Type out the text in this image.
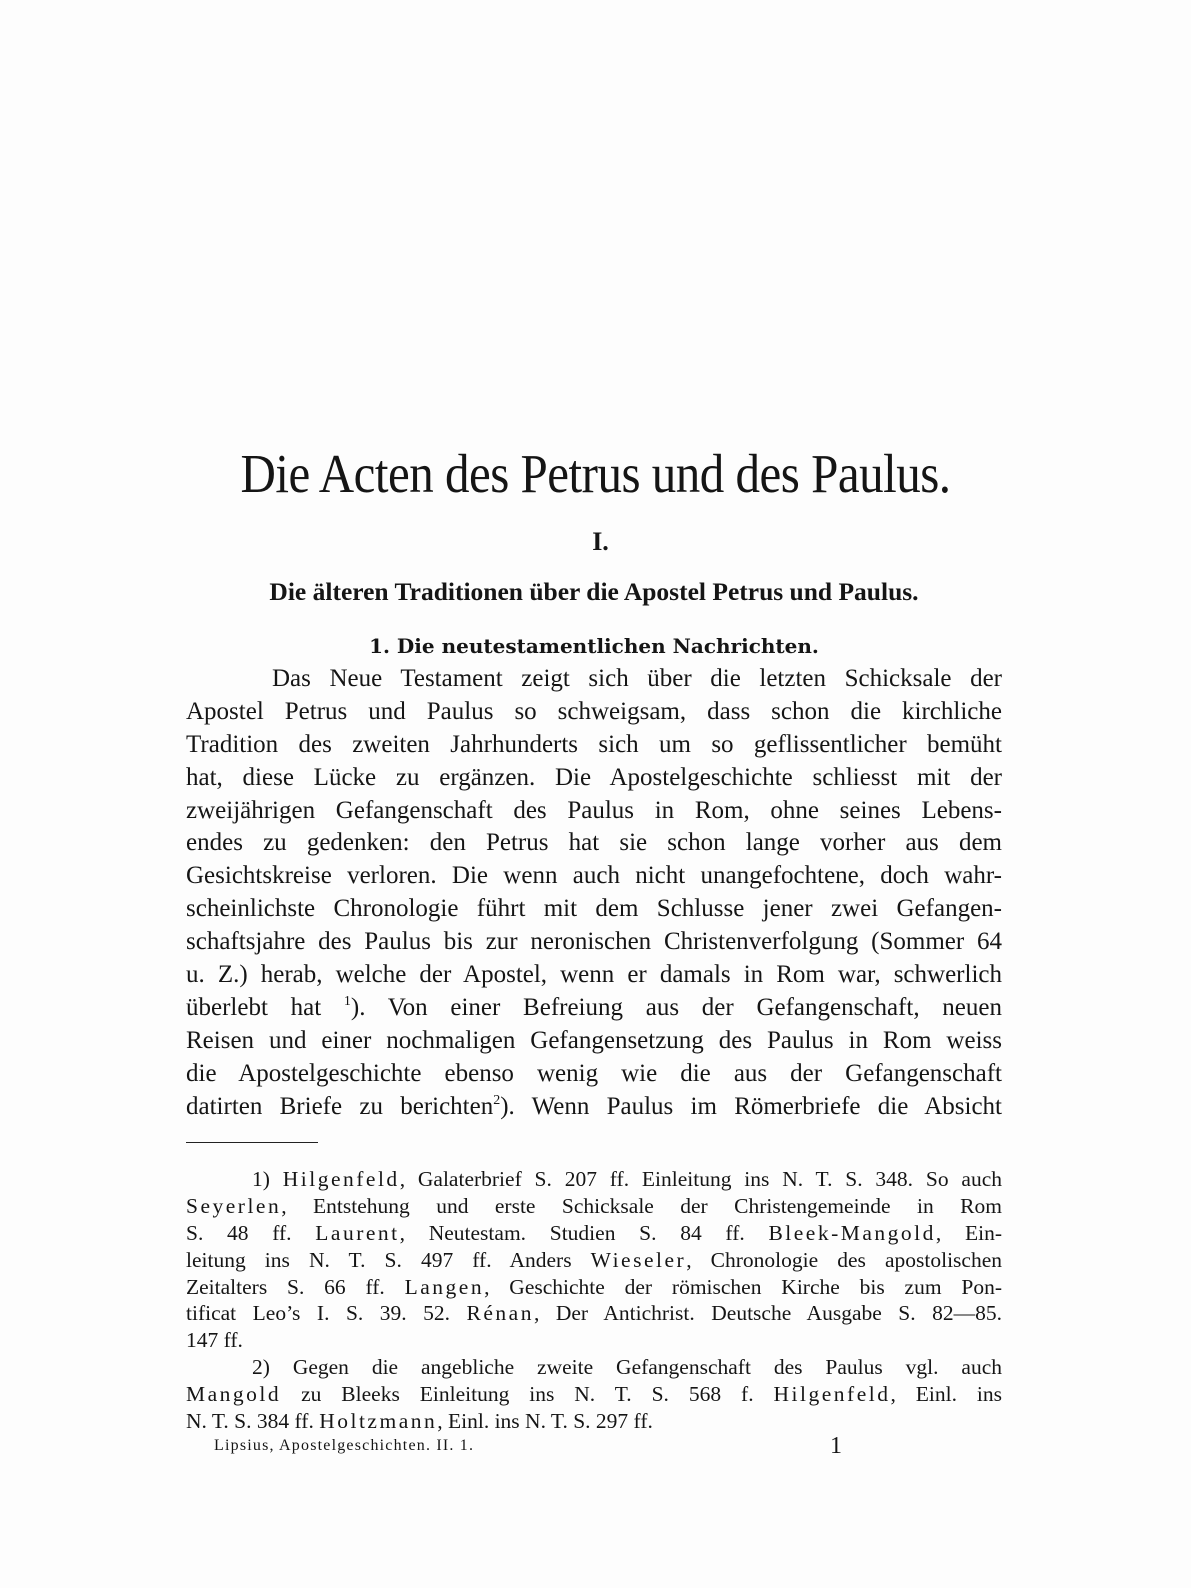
Die Acten des Petrus und des Paulus.
I.
Die älteren Traditionen über die Apostel Petrus und Paulus.
1. Die neutestamentlichen Nachrichten.
Das Neue Testament zeigt sich über die letzten Schicksale der
Apostel Petrus und Paulus so schweigsam, dass schon die kirchliche
Tradition des zweiten Jahrhunderts sich um so geflissentlicher bemüht
hat, diese Lücke zu ergänzen. Die Apostelgeschichte schliesst mit der
zweijährigen Gefangenschaft des Paulus in Rom, ohne seines Lebens-
endes zu gedenken: den Petrus hat sie schon lange vorher aus dem
Gesichtskreise verloren. Die wenn auch nicht unangefochtene, doch wahr-
scheinlichste Chronologie führt mit dem Schlusse jener zwei Gefangen-
schaftsjahre des Paulus bis zur neronischen Christenverfolgung (Sommer 64
u. Z.) herab, welche der Apostel, wenn er damals in Rom war, schwerlich
überlebt hat $^1$). Von einer Befreiung aus der Gefangenschaft, neuen
Reisen und einer nochmaligen Gefangensetzung des Paulus in Rom weiss
die Apostelgeschichte ebenso wenig wie die aus der Gefangenschaft
datirten Briefe zu berichten$^2$). Wenn Paulus im Römerbriefe die Absicht
1) Hilgenfeld, Galaterbrief S. 207 ff. Einleitung ins N. T. S. 348. So auch
Seyerlen, Entstehung und erste Schicksale der Christengemeinde in Rom
S. 48 ff. Laurent, Neutestam. Studien S. 84 ff. Bleek-Mangold, Ein-
leitung ins N. T. S. 497 ff. Anders Wieseler, Chronologie des apostolischen
Zeitalters S. 66 ff. Langen, Geschichte der römischen Kirche bis zum Pon-
tificat Leo’s I. S. 39. 52. Rénan, Der Antichrist. Deutsche Ausgabe S. 82—85.
147 ff.
2) Gegen die angebliche zweite Gefangenschaft des Paulus vgl. auch
Mangold zu Bleeks Einleitung ins N. T. S. 568 f. Hilgenfeld, Einl. ins
N. T. S. 384 ff. Holtzmann, Einl. ins N. T. S. 297 ff.
Lipsius, Apostelgeschichten. II. 1.	1
